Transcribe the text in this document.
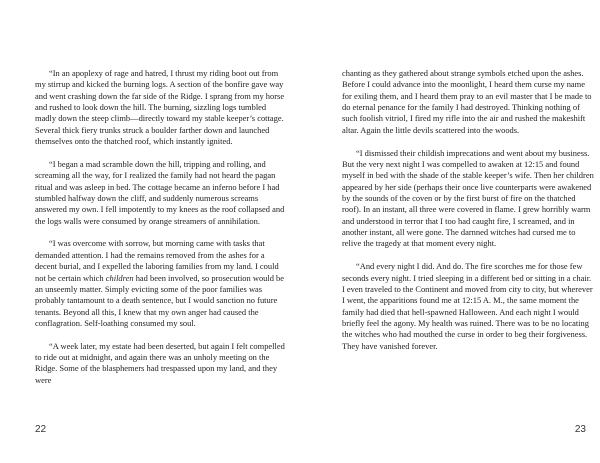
“In an apoplexy of rage and hatred, I thrust my riding boot out from my stirrup and kicked the burning logs. A section of the bonfire gave way and went crashing down the far side of the Ridge. I sprang from my horse and rushed to look down the hill. The burning, sizzling logs tumbled madly down the steep climb—directly toward my stable keeper’s cottage. Several thick fiery trunks struck a boulder farther down and launched themselves onto the thatched roof, which instantly ignited.

“I began a mad scramble down the hill, tripping and rolling, and screaming all the way, for I realized the family had not heard the pagan ritual and was asleep in bed. The cottage became an inferno before I had stumbled halfway down the cliff, and suddenly numerous screams answered my own. I fell impotently to my knees as the roof collapsed and the logs walls were consumed by orange streamers of annihilation.

“I was overcome with sorrow, but morning came with tasks that demanded attention. I had the remains removed from the ashes for a decent burial, and I expelled the laboring families from my land. I could not be certain which children had been involved, so prosecution would be an unseemly matter. Simply evicting some of the poor families was probably tantamount to a death sentence, but I would sanction no future tenants. Beyond all this, I knew that my own anger had caused the conflagration. Self-loathing consumed my soul.

“A week later, my estate had been deserted, but again I felt compelled to ride out at midnight, and again there was an unholy meeting on the Ridge. Some of the blasphemers had trespassed upon my land, and they were

22

chanting as they gathered about strange symbols etched upon the ashes. Before I could advance into the moonlight, I heard them curse my name for exiling them, and I heard them pray to an evil master that I be made to do eternal penance for the family I had destroyed. Thinking nothing of such foolish vitriol, I fired my rifle into the air and rushed the makeshift altar. Again the little devils scattered into the woods.

“I dismissed their childish imprecations and went about my business. But the very next night I was compelled to awaken at 12:15 and found myself in bed with the shade of the stable keeper’s wife. Then her children appeared by her side (perhaps their once live counterparts were awakened by the sounds of the coven or by the first burst of fire on the thatched roof). In an instant, all three were covered in flame. I grew horribly warm and understood in terror that I too had caught fire, I screamed, and in another instant, all were gone. The darnned witches had cursed me to relive the tragedy at that moment every night.

“And every night I did. And do. The fire scorches me for those few seconds every night. I tried sleeping in a different bed or sitting in a chair. I even traveled to the Continent and moved from city to city, but wherever I went, the apparitions found me at 12:15 A. M., the same moment the family had died that hell-spawned Halloween. And each night I would briefly feel the agony. My health was ruined. There was to be no locating the witches who had mouthed the curse in order to beg their forgiveness. They have vanished forever.

23
